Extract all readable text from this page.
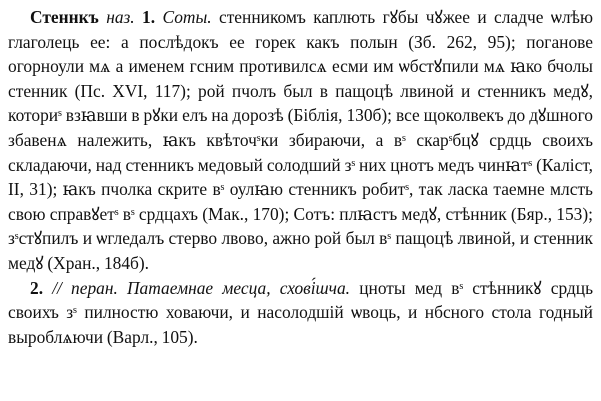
Стеннкъ наз. 1. Соты. стенникомъ каплють гꙋбы чꙋжее и сладче ѡлѣю глаголець ее: а послѣдокъ ее горек какъ полын (Зб. 262, 95); поганове огорноули мѧ а именем гсним противилсѧ есми им ѡбстꙋпили мѧ ꙗко бчолы стенник (Пс. XVI, 117); рой пчолъ был в пащоцѣ лвиной и стенникъ медꙋ, коториˢ взꙗвши в рꙋки елъ на дорозѣ (Біблія, 130б); все щоколвекъ до дꙋшного збавенѧ належить, ꙗкъ квѣточˢки збираючи, а вˢ скарˢбцꙋ срдць своихъ складаючи, над стенникъ медовый солодший зˢ них цнотъ медъ чинꙗтˢ (Каліст, II, 31); ꙗкъ пчолка скрите вˢ оулꙗю стенникъ робитˢ, так ласка таемне млсть свою справꙋетˢ вˢ срдцахъ (Мак., 170); Сотъ: плꙗстъ медꙋ, стѣнник (Бяр., 153); зˢстꙋпилъ и ѡгледалъ стерво лвово, ажно рой был вˢ пащоцѣ лвиной, и стенник медꙋ (Хран., 184б).

2. // перан. Патаемнае месца, схові́шча. цноты мед вˢ стѣнникꙋ срдць своихъ зˢ пилностю ховаючи, и насолодшій ѡвоць, и нбсного стола годный выроблѧючи (Варл., 105).
